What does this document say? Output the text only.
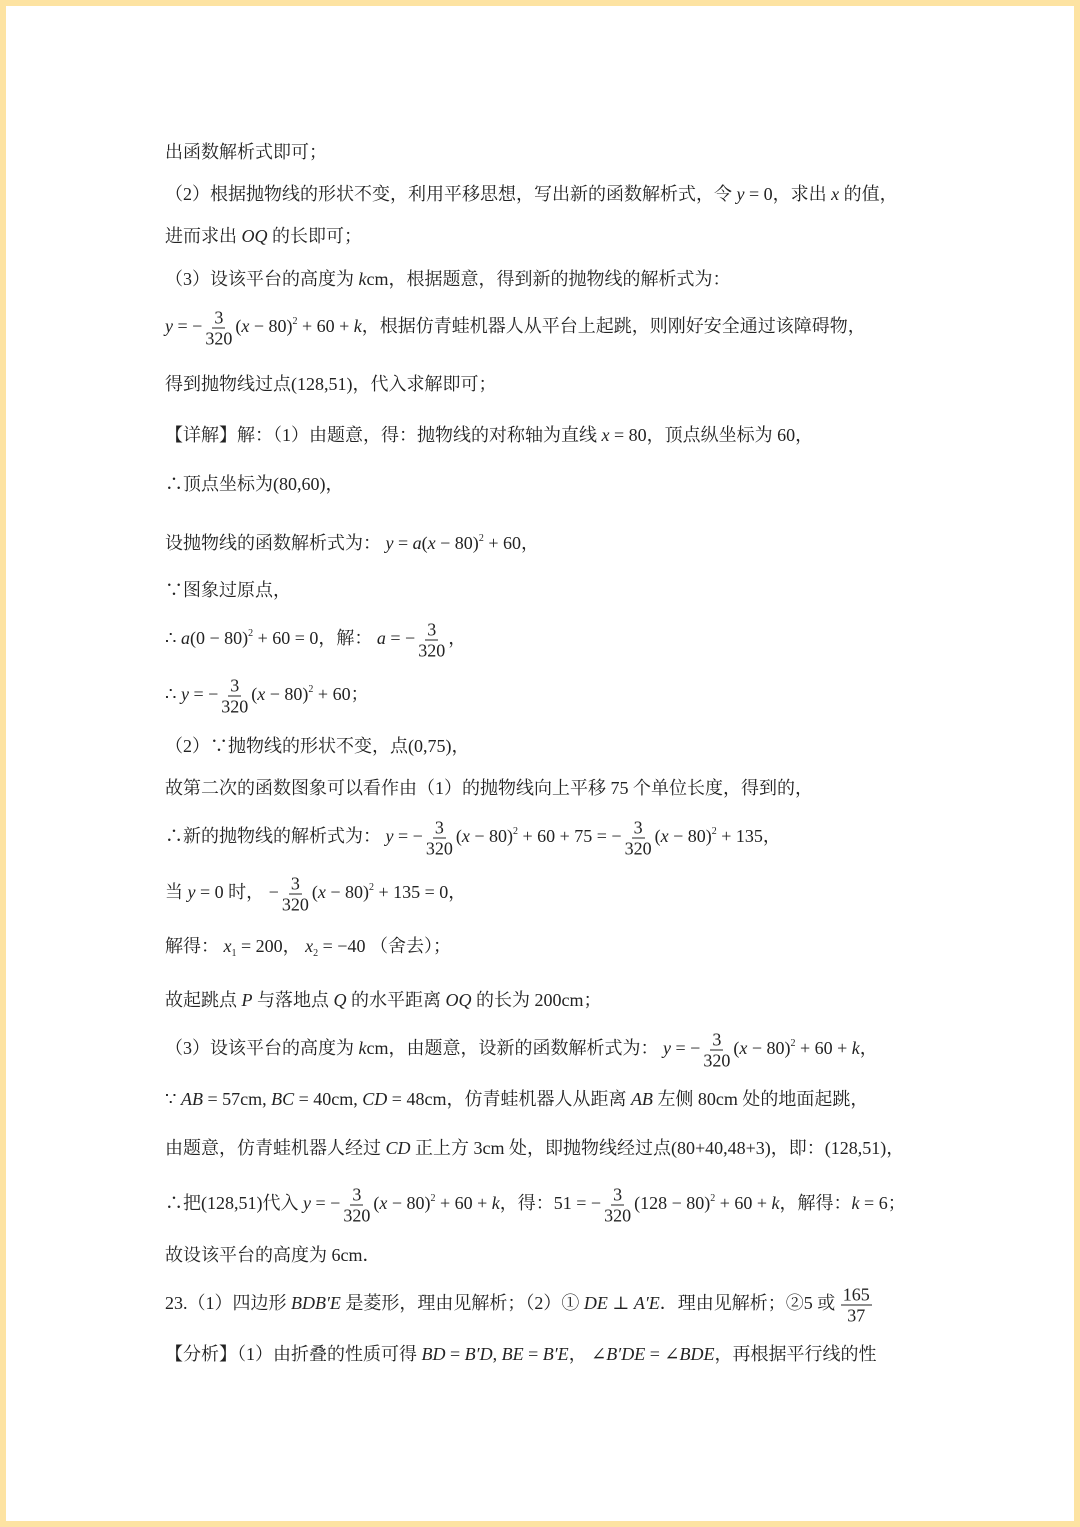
出函数解析式即可；
（2）根据抛物线的形状不变，利用平移思想，写出新的函数解析式，令 y = 0，求出 x 的值，
进而求出 OQ 的长即可；
（3）设该平台的高度为 kcm，根据题意，得到新的抛物线的解析式为：
y = − $\frac{3}{320} (x - 80)^2 + 60 + k$，根据仿青蛙机器人从平台上起跳，则刚好安全通过该障碍物，
得到抛物线过点(128,51)，代入求解即可；
【详解】解：（1）由题意，得：抛物线的对称轴为直线 x = 80，顶点纵坐标为 60，
∴顶点坐标为(80,60)，
设抛物线的函数解析式为： $y = a(x - 80)^2 + 60$，
∵图象过原点，
∴ $a(0 - 80)^2 + 60 = 0$，解： a = − $\frac{3}{320}$ ，
∴ y = − $\frac{3}{320} (x - 80)^2 + 60$；
（2）∵抛物线的形状不变，点(0,75)，
故第二次的函数图象可以看作由（1）的抛物线向上平移 75 个单位长度，得到的，
∴新的抛物线的解析式为： y = − $\frac{3}{320} (x - 80)^2 + 60 + 75$ = − $\frac{3}{320} (x - 80)^2 + 135$，
当 y = 0 时， − $\frac{3}{320} (x - 80)^2 + 135 = 0$，
解得： $x_1 = 200$， $x_2 = -40$ （舍去）；
故起跳点 P 与落地点 Q 的水平距离 OQ 的长为 200cm；
（3）设该平台的高度为 kcm，由题意，设新的函数解析式为： y = − $\frac{3}{320} (x - 80)^2 + 60 + k$，
∵ AB = 57cm, BC = 40cm, CD = 48cm，仿青蛙机器人从距离 AB 左侧 80cm 处的地面起跳，
由题意，仿青蛙机器人经过 CD 正上方 3cm 处，即抛物线经过点(80+40,48+3)，即：(128,51)，
∴把(128,51)代入 y = − $\frac{3}{320} (x - 80)^2 + 60 + k$，得：51 = − $\frac{3}{320} (128 - 80)^2 + 60 + k$，解得：k = 6；
故设该平台的高度为 6cm．
23.（1）四边形 BDB′E 是菱形，理由见解析；（2）① DE ⊥ A′E．理由见解析；②5 或 $\frac{165}{37}$
【分析】（1）由折叠的性质可得 BD = B′D, BE = B′E， ∠B′DE = ∠BDE，再根据平行线的性
